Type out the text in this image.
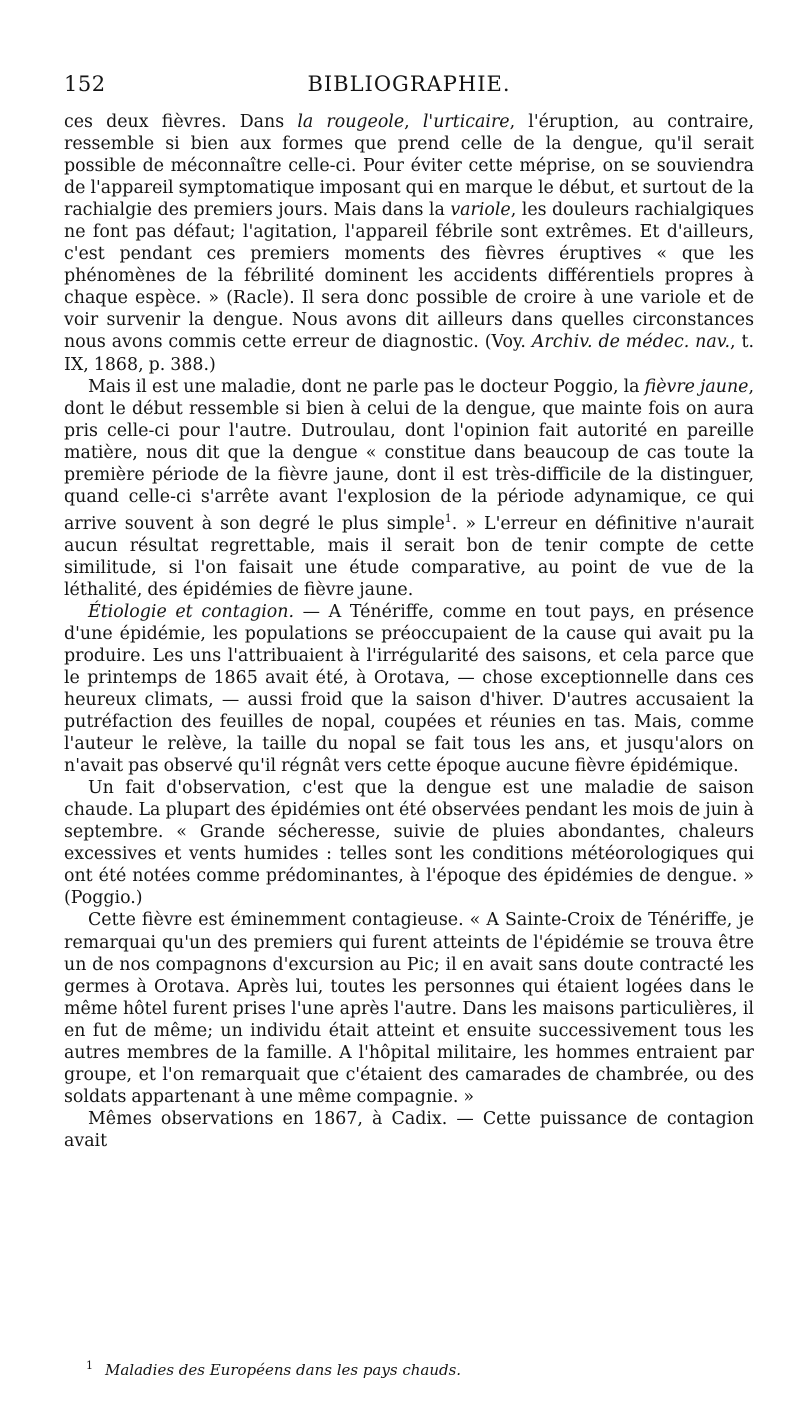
152	BIBLIOGRAPHIE.

ces deux fièvres. Dans la rougeole, l'urticaire, l'éruption, au contraire, ressemble si bien aux formes que prend celle de la dengue, qu'il serait possible de méconnaître celle-ci. Pour éviter cette méprise, on se souviendra de l'appareil symptomatique imposant qui en marque le début, et surtout de la rachialgie des premiers jours. Mais dans la variole, les douleurs rachialgiques ne font pas défaut; l'agitation, l'appareil fébrile sont extrêmes. Et d'ailleurs, c'est pendant ces premiers moments des fièvres éruptives « que les phénomènes de la fébrilité dominent les accidents différentiels propres à chaque espèce. » (Racle). Il sera donc possible de croire à une variole et de voir survenir la dengue. Nous avons dit ailleurs dans quelles circonstances nous avons commis cette erreur de diagnostic. (Voy. Archiv. de médec. nav., t. IX, 1868, p. 388.)

Mais il est une maladie, dont ne parle pas le docteur Poggio, la fièvre jaune, dont le début ressemble si bien à celui de la dengue, que mainte fois on aura pris celle-ci pour l'autre. Dutroulau, dont l'opinion fait autorité en pareille matière, nous dit que la dengue « constitue dans beaucoup de cas toute la première période de la fièvre jaune, dont il est très-difficile de la distinguer, quand celle-ci s'arrête avant l'explosion de la période adynamique, ce qui arrive souvent à son degré le plus simple$^1$. » L'erreur en définitive n'aurait aucun résultat regrettable, mais il serait bon de tenir compte de cette similitude, si l'on faisait une étude comparative, au point de vue de la léthalité, des épidémies de fièvre jaune.

Étiologie et contagion. — A Ténériffe, comme en tout pays, en présence d'une épidémie, les populations se préoccupaient de la cause qui avait pu la produire. Les uns l'attribuaient à l'irrégularité des saisons, et cela parce que le printemps de 1865 avait été, à Orotava, — chose exceptionnelle dans ces heureux climats, — aussi froid que la saison d'hiver. D'autres accusaient la putréfaction des feuilles de nopal, coupées et réunies en tas. Mais, comme l'auteur le relève, la taille du nopal se fait tous les ans, et jusqu'alors on n'avait pas observé qu'il régnât vers cette époque aucune fièvre épidémique.

Un fait d'observation, c'est que la dengue est une maladie de saison chaude. La plupart des épidémies ont été observées pendant les mois de juin à septembre. « Grande sécheresse, suivie de pluies abondantes, chaleurs excessives et vents humides : telles sont les conditions météorologiques qui ont été notées comme prédominantes, à l'époque des épidémies de dengue. » (Poggio.)

Cette fièvre est éminemment contagieuse. « A Sainte-Croix de Ténériffe, je remarquai qu'un des premiers qui furent atteints de l'épidémie se trouva être un de nos compagnons d'excursion au Pic; il en avait sans doute contracté les germes à Orotava. Après lui, toutes les personnes qui étaient logées dans le même hôtel furent prises l'une après l'autre. Dans les maisons particulières, il en fut de même; un individu était atteint et ensuite successivement tous les autres membres de la famille. A l'hôpital militaire, les hommes entraient par groupe, et l'on remarquait que c'étaient des camarades de chambrée, ou des soldats appartenant à une même compagnie. »

Mêmes observations en 1867, à Cadix. — Cette puissance de contagion avait

$^1$ Maladies des Européens dans les pays chauds.
